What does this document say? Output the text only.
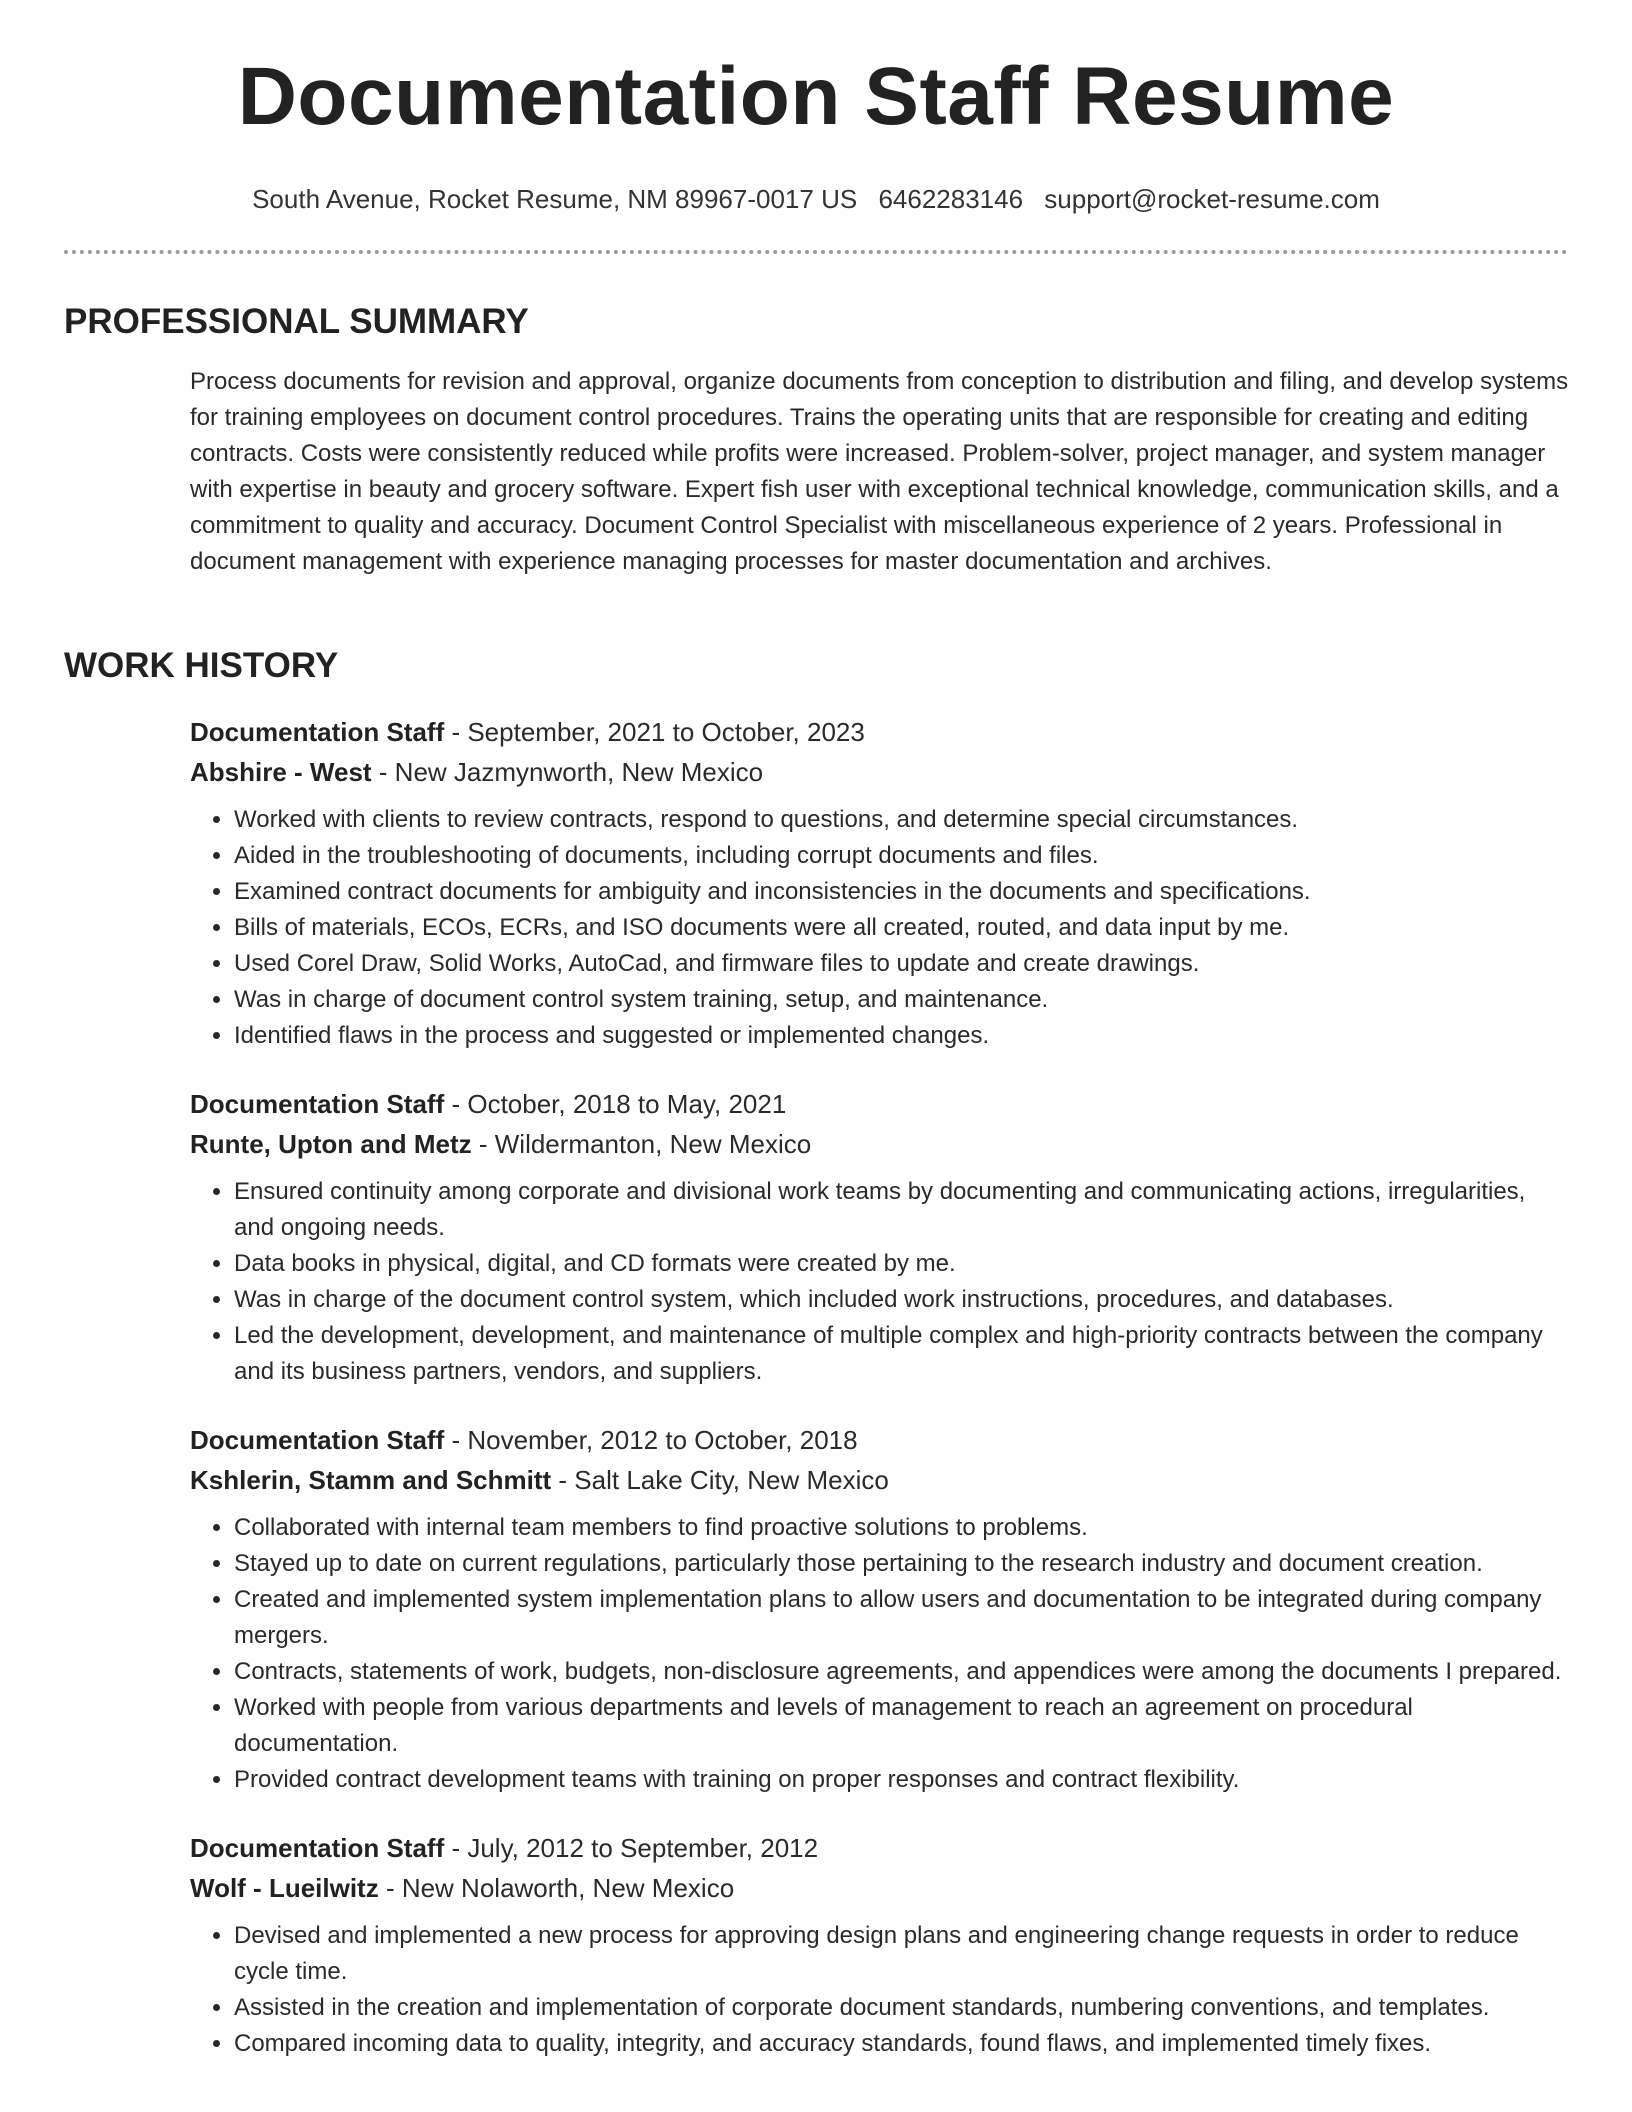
Documentation Staff Resume
South Avenue, Rocket Resume, NM 89967-0017 US 6462283146 support@rocket-resume.com
PROFESSIONAL SUMMARY

Process documents for revision and approval, organize documents from conception to distribution and filing, and develop systems for training employees on document control procedures. Trains the operating units that are responsible for creating and editing contracts. Costs were consistently reduced while profits were increased. Problem-solver, project manager, and system manager with expertise in beauty and grocery software. Expert fish user with exceptional technical knowledge, communication skills, and a commitment to quality and accuracy. Document Control Specialist with miscellaneous experience of 2 years. Professional in document management with experience managing processes for master documentation and archives.

WORK HISTORY

Documentation Staff - September, 2021 to October, 2023

Abshire - West - New Jazmynworth, New Mexico

• Worked with clients to review contracts, respond to questions, and determine special circumstances.
• Aided in the troubleshooting of documents, including corrupt documents and files.
• Examined contract documents for ambiguity and inconsistencies in the documents and specifications.
• Bills of materials, ECOs, ECRs, and ISO documents were all created, routed, and data input by me.
• Used Corel Draw, Solid Works, AutoCad, and firmware files to update and create drawings.
• Was in charge of document control system training, setup, and maintenance.
• Identified flaws in the process and suggested or implemented changes.

Documentation Staff - October, 2018 to May, 2021

Runte, Upton and Metz - Wildermanton, New Mexico

• Ensured continuity among corporate and divisional work teams by documenting and communicating actions, irregularities, and ongoing needs.
• Data books in physical, digital, and CD formats were created by me.
• Was in charge of the document control system, which included work instructions, procedures, and databases.
• Led the development, development, and maintenance of multiple complex and high-priority contracts between the company and its business partners, vendors, and suppliers.

Documentation Staff - November, 2012 to October, 2018

Kshlerin, Stamm and Schmitt - Salt Lake City, New Mexico

• Collaborated with internal team members to find proactive solutions to problems.
• Stayed up to date on current regulations, particularly those pertaining to the research industry and document creation.
• Created and implemented system implementation plans to allow users and documentation to be integrated during company mergers.
• Contracts, statements of work, budgets, non-disclosure agreements, and appendices were among the documents I prepared.
• Worked with people from various departments and levels of management to reach an agreement on procedural documentation.
• Provided contract development teams with training on proper responses and contract flexibility.

Documentation Staff - July, 2012 to September, 2012

Wolf - Lueilwitz - New Nolaworth, New Mexico

• Devised and implemented a new process for approving design plans and engineering change requests in order to reduce cycle time.
• Assisted in the creation and implementation of corporate document standards, numbering conventions, and templates.
• Compared incoming data to quality, integrity, and accuracy standards, found flaws, and implemented timely fixes.
